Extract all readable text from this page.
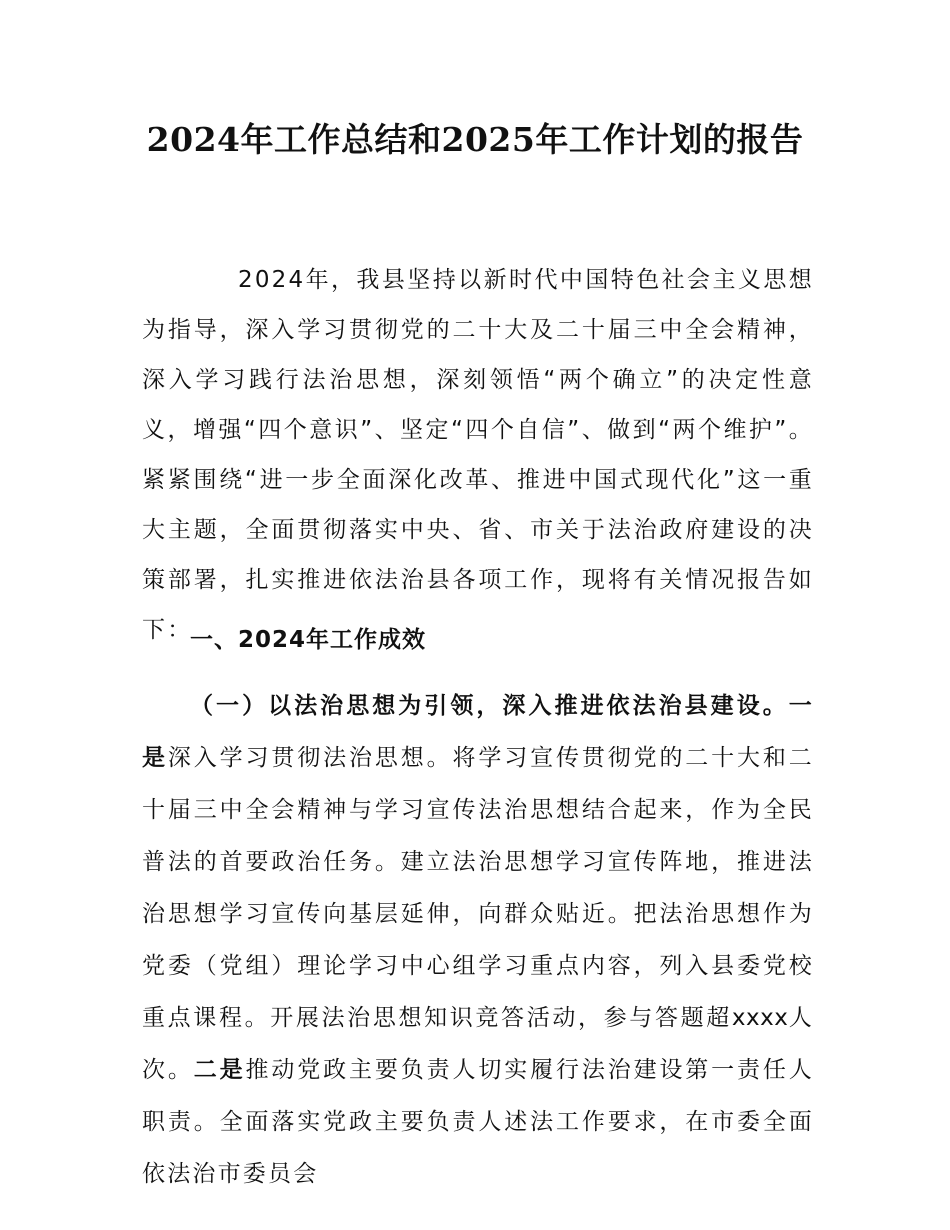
2024年工作总结和2025年工作计划的报告
2024年，我县坚持以新时代中国特色社会主义思想为指导，深入学习贯彻党的二十大及二十届三中全会精神，深入学习践行法治思想，深刻领悟“两个确立”的决定性意义，增强“四个意识”、坚定“四个自信”、做到“两个维护”。紧紧围绕“进一步全面深化改革、推进中国式现代化”这一重大主题，全面贯彻落实中央、省、市关于法治政府建设的决策部署，扎实推进依法治县各项工作，现将有关情况报告如下：
一、2024年工作成效
（一）以法治思想为引领，深入推进依法治县建设。一是深入学习贯彻法治思想。将学习宣传贯彻党的二十大和二十届三中全会精神与学习宣传法治思想结合起来，作为全民普法的首要政治任务。建立法治思想学习宣传阵地，推进法治思想学习宣传向基层延伸，向群众贴近。把法治思想作为党委（党组）理论学习中心组学习重点内容，列入县委党校重点课程。开展法治思想知识竞答活动，参与答题超xxxx人次。二是推动党政主要负责人切实履行法治建设第一责任人职责。全面落实党政主要负责人述法工作要求，在市委全面依法治市委员会
